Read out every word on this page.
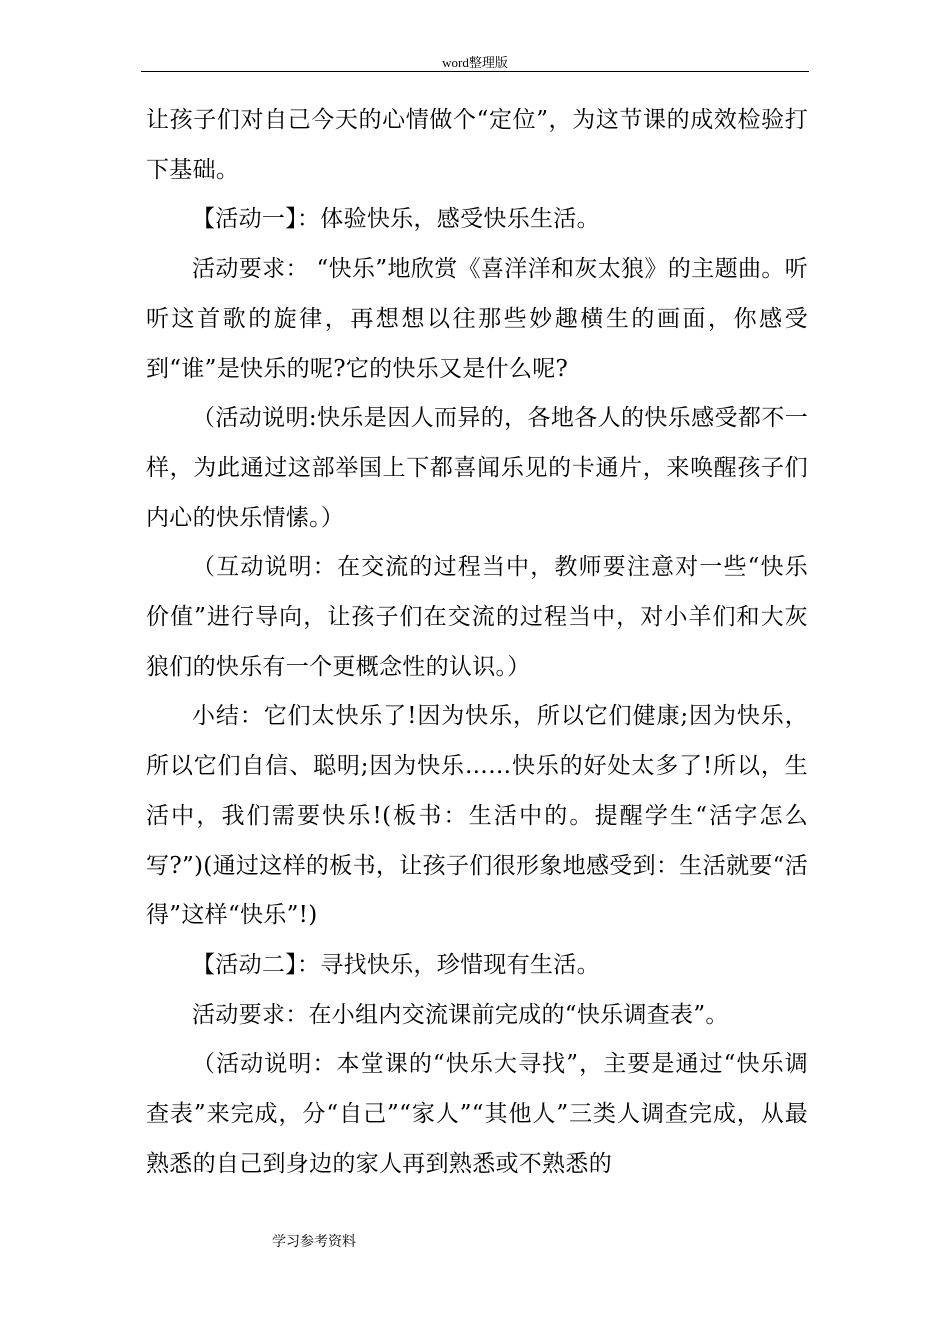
word整理版

让孩子们对自己今天的心情做个“定位”，为这节课的成效检验打下基础。

【活动一】：体验快乐，感受快乐生活。

活动要求： “快乐”地欣赏《喜洋洋和灰太狼》的主题曲。听听这首歌的旋律，再想想以往那些妙趣横生的画面，你感受到“谁”是快乐的呢?它的快乐又是什么呢?

（活动说明:快乐是因人而异的，各地各人的快乐感受都不一样，为此通过这部举国上下都喜闻乐见的卡通片，来唤醒孩子们内心的快乐情愫。）

（互动说明：在交流的过程当中，教师要注意对一些“快乐价值”进行导向，让孩子们在交流的过程当中，对小羊们和大灰狼们的快乐有一个更概念性的认识。）

小结：它们太快乐了!因为快乐，所以它们健康;因为快乐，所以它们自信、聪明;因为快乐……快乐的好处太多了!所以，生活中，我们需要快乐!(板书：生活中的。提醒学生“活字怎么写?”)(通过这样的板书，让孩子们很形象地感受到：生活就要“活得”这样“快乐”!)

【活动二】：寻找快乐，珍惜现有生活。

活动要求：在小组内交流课前完成的“快乐调查表”。

（活动说明：本堂课的“快乐大寻找”，主要是通过“快乐调查表”来完成，分“自己”“家人”“其他人”三类人调查完成，从最熟悉的自己到身边的家人再到熟悉或不熟悉的

学习参考资料
